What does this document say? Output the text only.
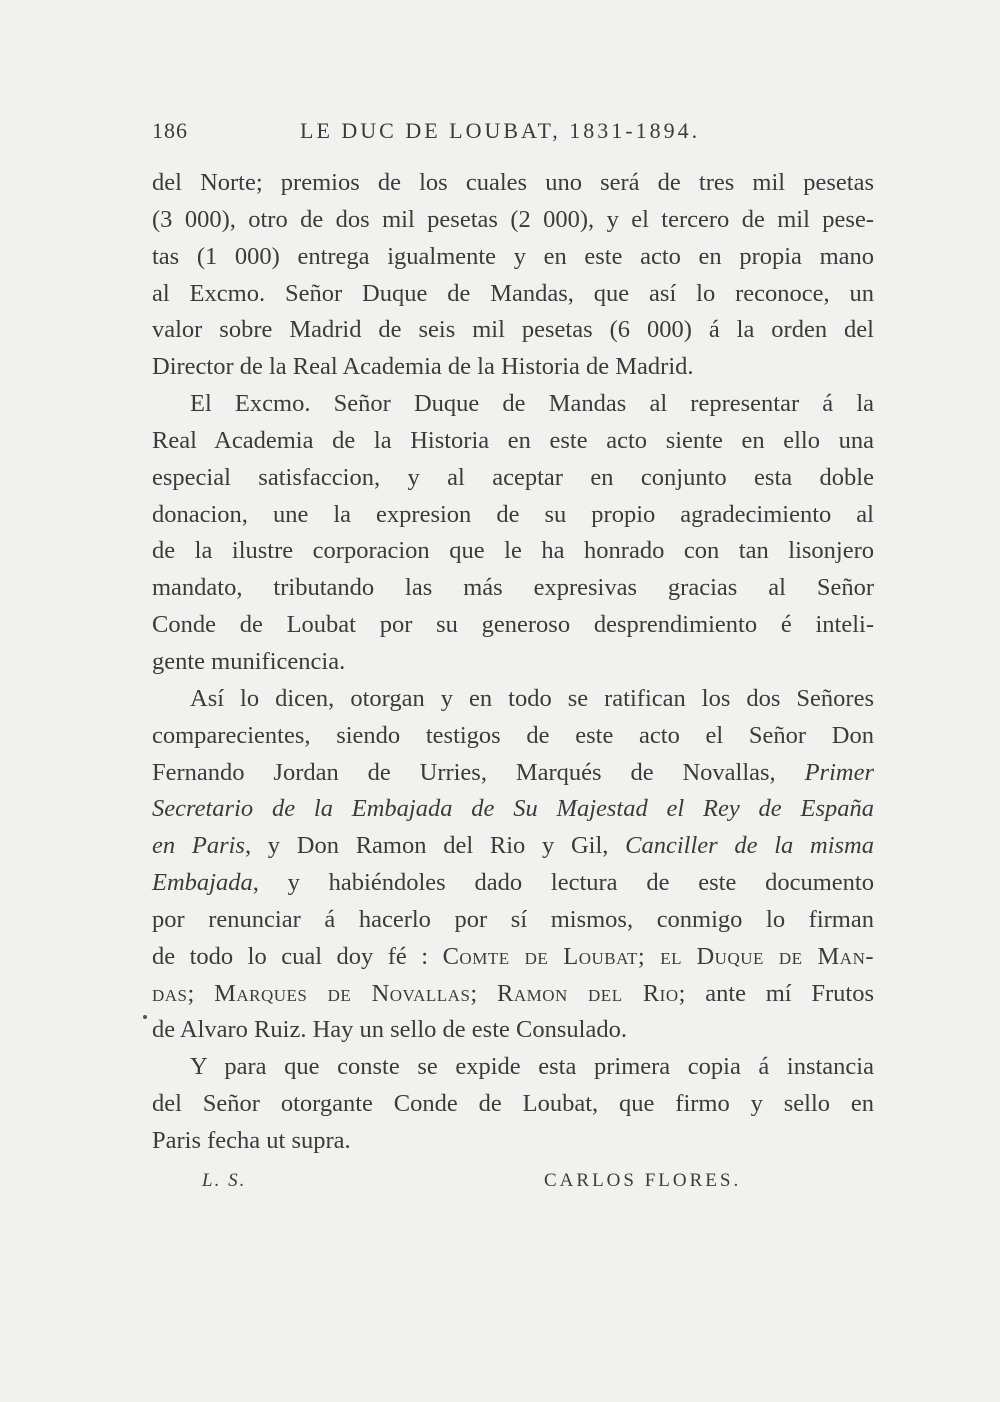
186	LE DUC DE LOUBAT, 1831-1894.
del Norte; premios de los cuales uno será de tres mil pesetas
(3 000), otro de dos mil pesetas (2 000), y el tercero de mil pese-
tas (1 000) entrega igualmente y en este acto en propia mano
al Excmo. Señor Duque de Mandas, que así lo reconoce, un
valor sobre Madrid de seis mil pesetas (6 000) á la orden del
Director de la Real Academia de la Historia de Madrid.
El Excmo. Señor Duque de Mandas al representar á la
Real Academia de la Historia en este acto siente en ello una
especial satisfaccion, y al aceptar en conjunto esta doble
donacion, une la expresion de su propio agradecimiento al
de la ilustre corporacion que le ha honrado con tan lisonjero
mandato, tributando las más expresivas gracias al Señor
Conde de Loubat por su generoso desprendimiento é inteli-
gente munificencia.
Así lo dicen, otorgan y en todo se ratifican los dos Señores
comparecientes, siendo testigos de este acto el Señor Don
Fernando Jordan de Urries, Marqués de Novallas, Primer
Secretario de la Embajada de Su Majestad el Rey de España
en Paris, y Don Ramon del Rio y Gil, Canciller de la misma
Embajada, y habiéndoles dado lectura de este documento
por renunciar á hacerlo por sí mismos, conmigo lo firman
de todo lo cual doy fé : Comte de Loubat; el Duque de Man-
das; Marques de Novallas; Ramon del Rio; ante mí Frutos
de Alvaro Ruiz. Hay un sello de este Consulado.
Y para que conste se expide esta primera copia á instancia
del Señor otorgante Conde de Loubat, que firmo y sello en
Paris fecha ut supra.
L. S.	CARLOS FLORES.
